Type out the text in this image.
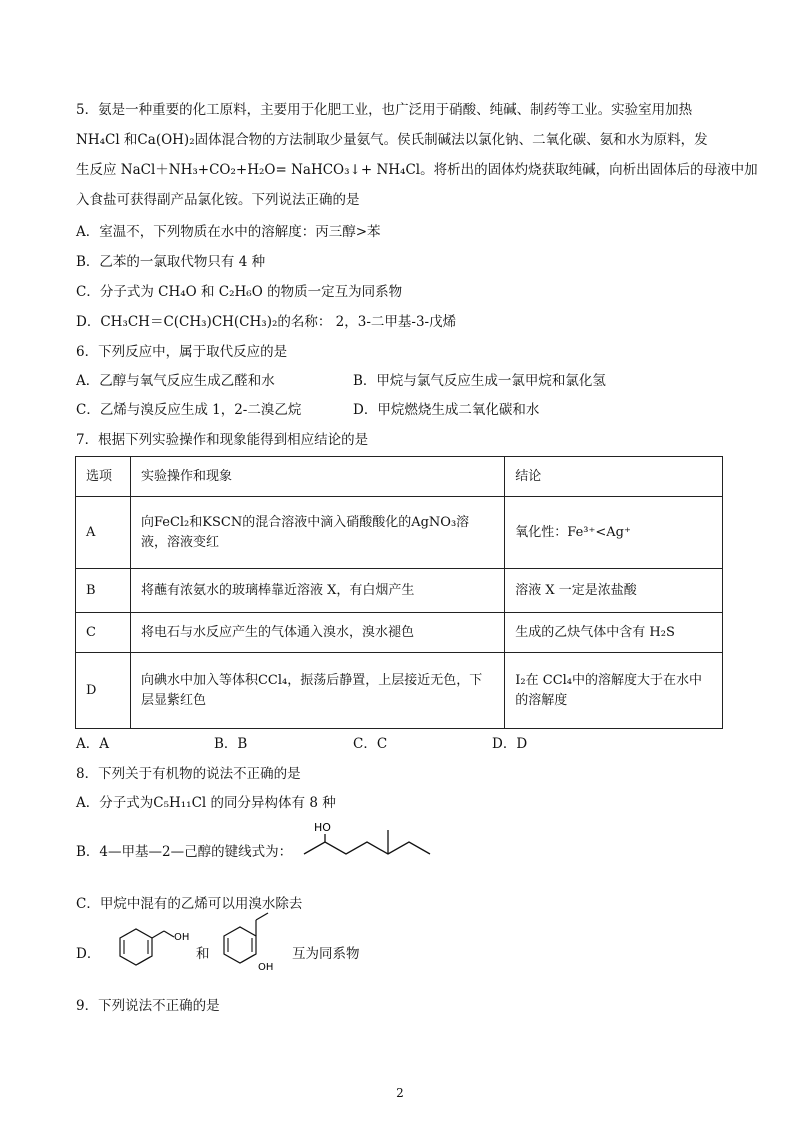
5．氨是一种重要的化工原料，主要用于化肥工业，也广泛用于硝酸、纯碱、制药等工业。实验室用加热
NH₄Cl 和Ca(OH)₂固体混合物的方法制取少量氨气。侯氏制碱法以氯化钠、二氧化碳、氨和水为原料，发
生反应 NaCl＋NH₃+CO₂+H₂O= NaHCO₃↓+ NH₄Cl。将析出的固体灼烧获取纯碱，向析出固体后的母液中加
入食盐可获得副产品氯化铵。下列说法正确的是
A．室温不，下列物质在水中的溶解度：丙三醇>苯
B．乙苯的一氯取代物只有 4 种
C．分子式为 CH₄O 和 C₂H₆O 的物质一定互为同系物
D．CH₃CH＝C(CH₃)CH(CH₃)₂的名称： 2，3-二甲基-3-戊烯
6．下列反应中，属于取代反应的是
A．乙醇与氧气反应生成乙醛和水	B．甲烷与氯气反应生成一氯甲烷和氯化氢
C．乙烯与溴反应生成 1，2-二溴乙烷	D．甲烷燃烧生成二氧化碳和水
7．根据下列实验操作和现象能得到相应结论的是
选项	实验操作和现象	结论
A	向FeCl₂和KSCN的混合溶液中滴入硝酸酸化的AgNO₃溶液，溶液变红	氧化性：Fe³⁺<Ag⁺
B	将蘸有浓氨水的玻璃棒靠近溶液 X，有白烟产生	溶液 X 一定是浓盐酸
C	将电石与水反应产生的气体通入溴水，溴水褪色	生成的乙炔气体中含有 H₂S
D	向碘水中加入等体积CCl₄，振荡后静置，上层接近无色，下层显紫红色	I₂在 CCl₄中的溶解度大于在水中的溶解度
A．A	B．B	C．C	D．D
8．下列关于有机物的说法不正确的是
A．分子式为C₅H₁₁Cl 的同分异构体有 8 种
B．4—甲基—2—己醇的键线式为：
HO
C．甲烷中混有的乙烯可以用溴水除去
D．
OH
和
OH
互为同系物
9．下列说法不正确的是
2
